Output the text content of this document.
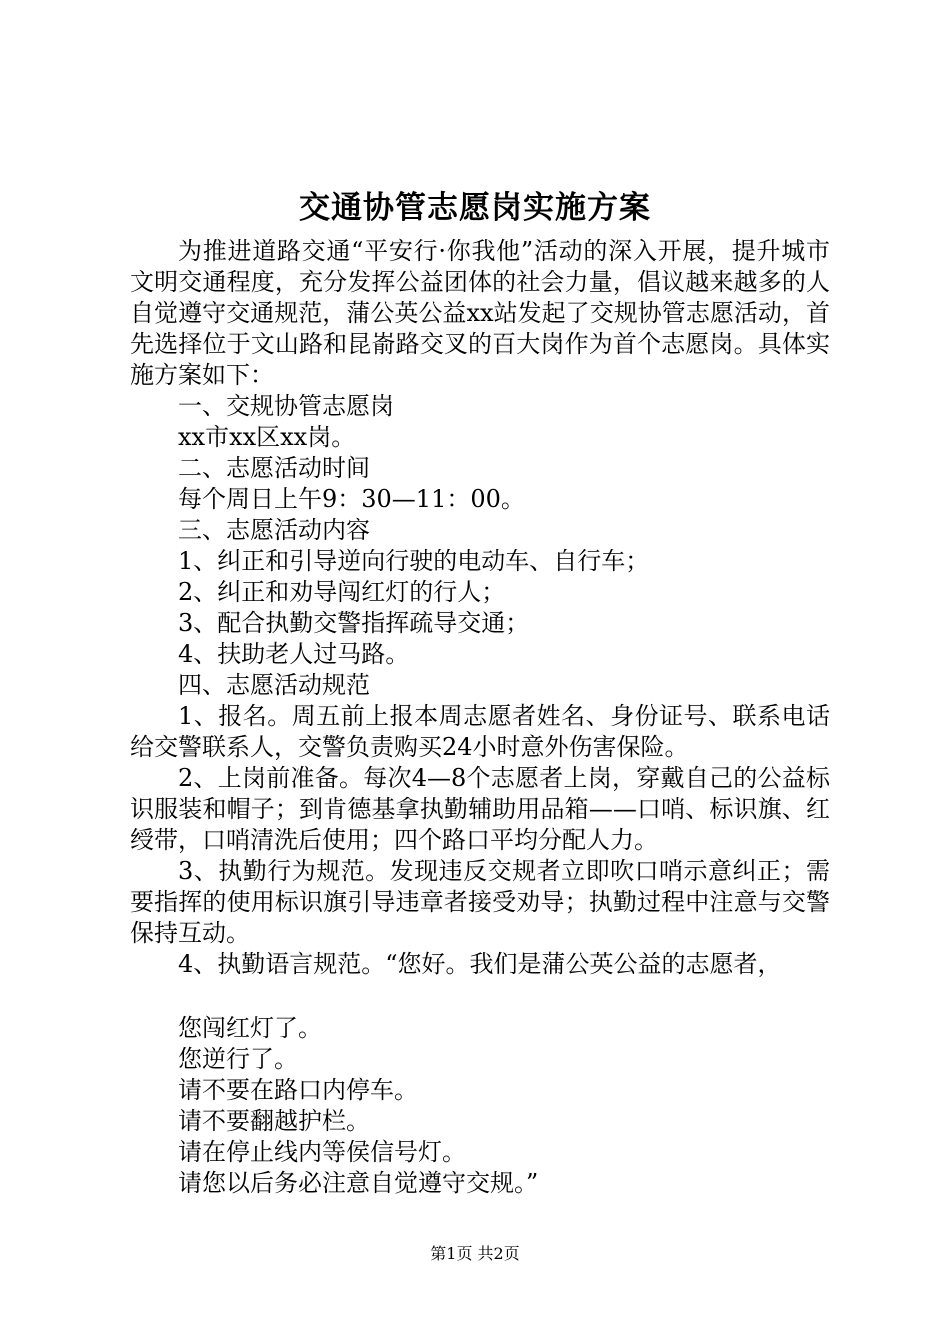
交通协管志愿岗实施方案

为推进道路交通“平安行·你我他”活动的深入开展，提升城市文明交通程度，充分发挥公益团体的社会力量，倡议越来越多的人自觉遵守交通规范，蒲公英公益xx站发起了交规协管志愿活动，首先选择位于文山路和昆嵛路交叉的百大岗作为首个志愿岗。具体实施方案如下：

一、交规协管志愿岗

xx市xx区xx岗。

二、志愿活动时间

每个周日上午9：30—11：00。

三、志愿活动内容

1、纠正和引导逆向行驶的电动车、自行车；

2、纠正和劝导闯红灯的行人；

3、配合执勤交警指挥疏导交通；

4、扶助老人过马路。

四、志愿活动规范

1、报名。周五前上报本周志愿者姓名、身份证号、联系电话给交警联系人，交警负责购买24小时意外伤害保险。

2、上岗前准备。每次4—8个志愿者上岗，穿戴自己的公益标识服装和帽子；到肯德基拿执勤辅助用品箱——口哨、标识旗、红绶带，口哨清洗后使用；四个路口平均分配人力。

3、执勤行为规范。发现违反交规者立即吹口哨示意纠正；需要指挥的使用标识旗引导违章者接受劝导；执勤过程中注意与交警保持互动。

4、执勤语言规范。“您好。我们是蒲公英公益的志愿者，

您闯红灯了。

您逆行了。

请不要在路口内停车。

请不要翻越护栏。

请在停止线内等侯信号灯。

请您以后务必注意自觉遵守交规。”

第1页 共2页
